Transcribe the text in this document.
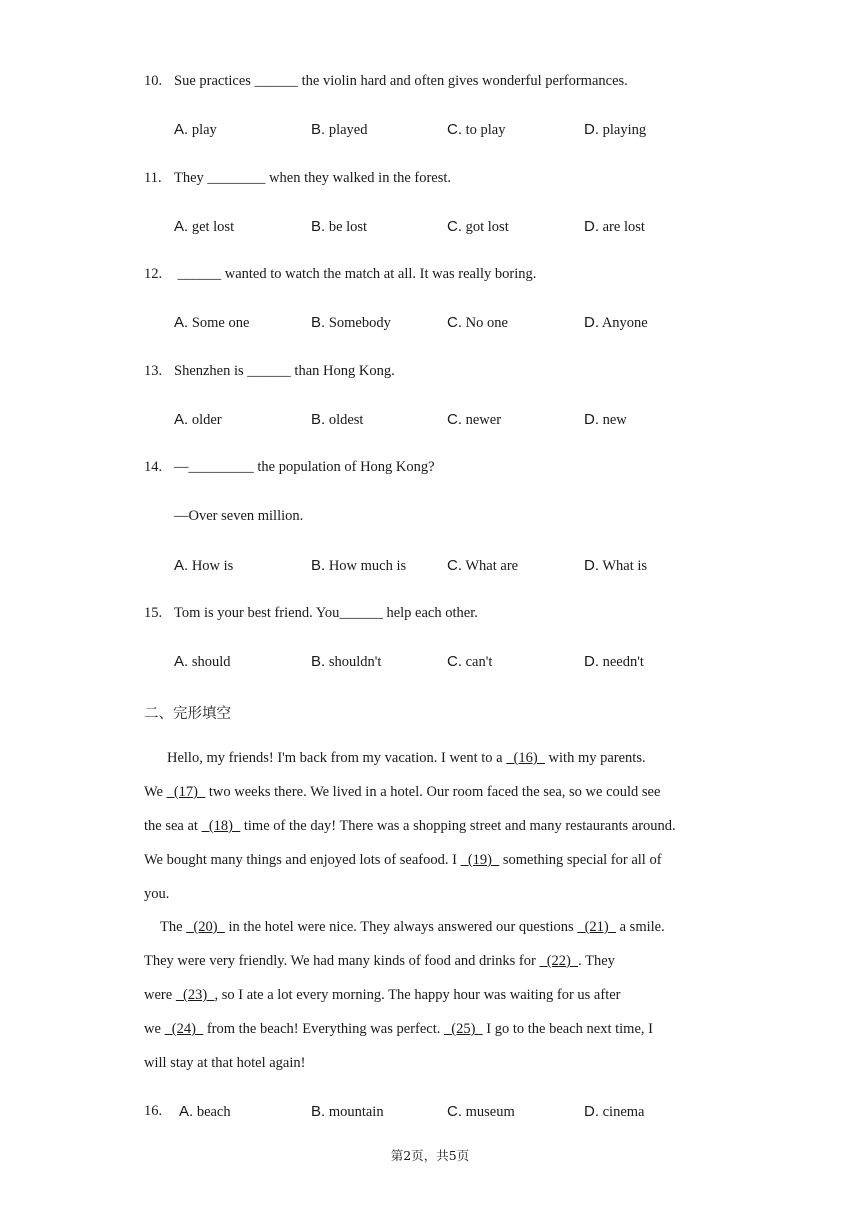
10. Sue practices ______ the violin hard and often gives wonderful performances.
A. play	B. played	C. to play	D. playing
11. They ________ when they walked in the forest.
A. get lost	B. be lost	C. got lost	D. are lost
12. ______ wanted to watch the match at all. It was really boring.
A. Some one	B. Somebody	C. No one	D. Anyone
13. Shenzhen is ______ than Hong Kong.
A. older	B. oldest	C. newer	D. new
14. —_________ the population of Hong Kong?
—Over seven million.
A. How is	B. How much is	C. What are	D. What is
15. Tom is your best friend. You______ help each other.
A. should	B. shouldn't	C. can't	D. needn't
二、完形填空
Hello, my friends! I'm back from my vacation. I went to a   (16)   with my parents.
We   (17)   two weeks there. We lived in a hotel. Our room faced the sea, so we could see
the sea at   (18)   time of the day! There was a shopping street and many restaurants around.
We bought many things and enjoyed lots of seafood. I   (19)   something special for all of
you.
The   (20)   in the hotel were nice. They always answered our questions   (21)   a smile.
They were very friendly. We had many kinds of food and drinks for   (22)  . They
were   (23)  , so I ate a lot every morning. The happy hour was waiting for us after
we   (24)   from the beach! Everything was perfect.   (25)   I go to the beach next time, I
will stay at that hotel again!
16.	A. beach	B. mountain	C. museum	D. cinema
第2页，共5页
